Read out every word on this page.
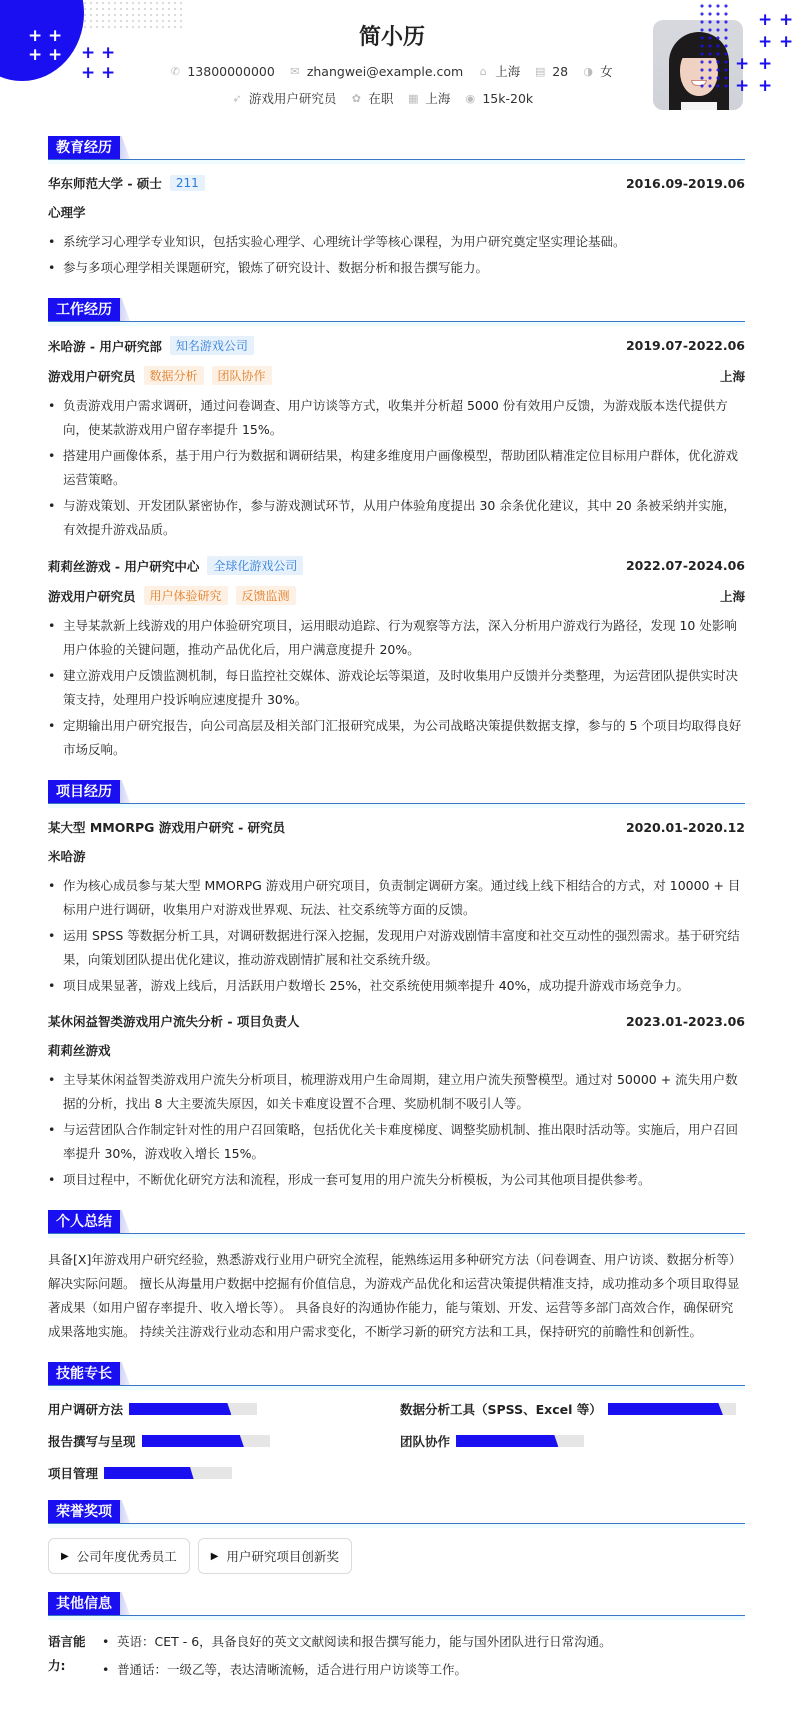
+ +
+ + + +
+ +
简小历
✆ 13800000000 ✉ zhangwei@example.com ⌂ 上海 ▤ 28 ◑ 女
➶ 游戏用户研究员 ✿ 在职 ▦ 上海 ◉ 15k-20k
+ +
+ +
+ +
+ +
教育经历
华东师范大学 - 硕士	211	2016.09-2019.06
心理学
• 系统学习心理学专业知识，包括实验心理学、心理统计学等核心课程，为用户研究奠定坚实理论基础。
• 参与多项心理学相关课题研究，锻炼了研究设计、数据分析和报告撰写能力。
工作经历
米哈游 - 用户研究部	知名游戏公司	2019.07-2022.06
游戏用户研究员	数据分析	团队协作	上海
• 负责游戏用户需求调研，通过问卷调查、用户访谈等方式，收集并分析超 5000 份有效用户反馈，为游戏版本迭代提供方向，使某款游戏用户留存率提升 15%。
• 搭建用户画像体系，基于用户行为数据和调研结果，构建多维度用户画像模型，帮助团队精准定位目标用户群体，优化游戏运营策略。
• 与游戏策划、开发团队紧密协作，参与游戏测试环节，从用户体验角度提出 30 余条优化建议，其中 20 条被采纳并实施，有效提升游戏品质。
莉莉丝游戏 - 用户研究中心	全球化游戏公司	2022.07-2024.06
游戏用户研究员	用户体验研究	反馈监测	上海
• 主导某款新上线游戏的用户体验研究项目，运用眼动追踪、行为观察等方法，深入分析用户游戏行为路径，发现 10 处影响用户体验的关键问题，推动产品优化后，用户满意度提升 20%。
• 建立游戏用户反馈监测机制，每日监控社交媒体、游戏论坛等渠道，及时收集用户反馈并分类整理，为运营团队提供实时决策支持，处理用户投诉响应速度提升 30%。
• 定期输出用户研究报告，向公司高层及相关部门汇报研究成果，为公司战略决策提供数据支撑，参与的 5 个项目均取得良好市场反响。
项目经历
某大型 MMORPG 游戏用户研究 - 研究员	2020.01-2020.12
米哈游
• 作为核心成员参与某大型 MMORPG 游戏用户研究项目，负责制定调研方案。通过线上线下相结合的方式，对 10000 + 目标用户进行调研，收集用户对游戏世界观、玩法、社交系统等方面的反馈。
• 运用 SPSS 等数据分析工具，对调研数据进行深入挖掘，发现用户对游戏剧情丰富度和社交互动性的强烈需求。基于研究结果，向策划团队提出优化建议，推动游戏剧情扩展和社交系统升级。
• 项目成果显著，游戏上线后，月活跃用户数增长 25%，社交系统使用频率提升 40%，成功提升游戏市场竞争力。
某休闲益智类游戏用户流失分析 - 项目负责人	2023.01-2023.06
莉莉丝游戏
• 主导某休闲益智类游戏用户流失分析项目，梳理游戏用户生命周期，建立用户流失预警模型。通过对 50000 + 流失用户数据的分析，找出 8 大主要流失原因，如关卡难度设置不合理、奖励机制不吸引人等。
• 与运营团队合作制定针对性的用户召回策略，包括优化关卡难度梯度、调整奖励机制、推出限时活动等。实施后，用户召回率提升 30%，游戏收入增长 15%。
• 项目过程中，不断优化研究方法和流程，形成一套可复用的用户流失分析模板，为公司其他项目提供参考。
个人总结

具备[X]年游戏用户研究经验，熟悉游戏行业用户研究全流程，能熟练运用多种研究方法（问卷调查、用户访谈、数据分析等）解决实际问题。 擅长从海量用户数据中挖掘有价值信息，为游戏产品优化和运营决策提供精准支持，成功推动多个项目取得显著成果（如用户留存率提升、收入增长等）。 具备良好的沟通协作能力，能与策划、开发、运营等多部门高效合作，确保研究成果落地实施。 持续关注游戏行业动态和用户需求变化，不断学习新的研究方法和工具，保持研究的前瞻性和创新性。

技能专长
用户调研方法	数据分析工具（SPSS、Excel 等）
报告撰写与呈现	团队协作
项目管理
荣誉奖项
▶ 公司年度优秀员工	▶ 用户研究项目创新奖
其他信息
语言能力:
• 英语：CET - 6，具备良好的英文文献阅读和报告撰写能力，能与国外团队进行日常沟通。
• 普通话：一级乙等，表达清晰流畅，适合进行用户访谈等工作。
